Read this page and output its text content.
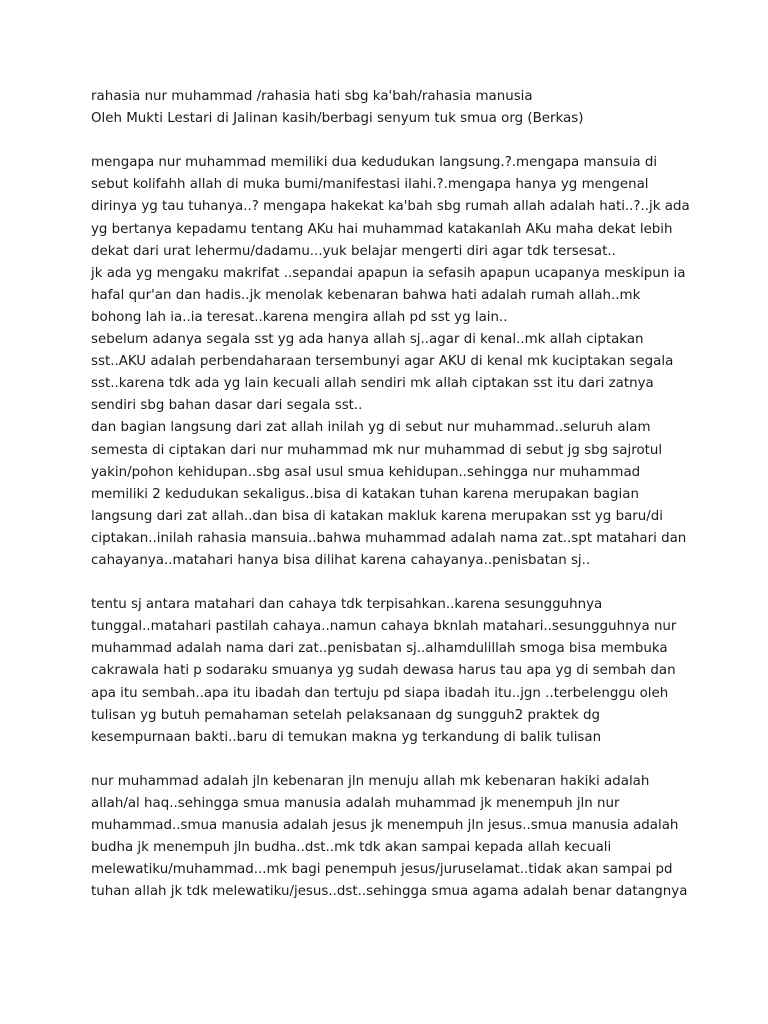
rahasia nur muhammad /rahasia hati sbg ka'bah/rahasia manusia
Oleh Mukti Lestari di Jalinan kasih/berbagi senyum tuk smua org (Berkas)
mengapa nur muhammad memiliki dua kedudukan langsung.?.mengapa mansuia di
sebut kolifahh allah di muka bumi/manifestasi ilahi.?.mengapa hanya yg mengenal
dirinya yg tau tuhanya..? mengapa hakekat ka'bah sbg rumah allah adalah hati..?..jk ada
yg bertanya kepadamu tentang AKu hai muhammad katakanlah AKu maha dekat lebih
dekat dari urat lehermu/dadamu...yuk belajar mengerti diri agar tdk tersesat..
jk ada yg mengaku makrifat ..sepandai apapun ia sefasih apapun ucapanya meskipun ia
hafal qur'an dan hadis..jk menolak kebenaran bahwa hati adalah rumah allah..mk
bohong lah ia..ia teresat..karena mengira allah pd sst yg lain..
sebelum adanya segala sst yg ada hanya allah sj..agar di kenal..mk allah ciptakan
sst..AKU adalah perbendaharaan tersembunyi agar AKU di kenal mk kuciptakan segala
sst..karena tdk ada yg lain kecuali allah sendiri mk allah ciptakan sst itu dari zatnya
sendiri sbg bahan dasar dari segala sst..
dan bagian langsung dari zat allah inilah yg di sebut nur muhammad..seluruh alam
semesta di ciptakan dari nur muhammad mk nur muhammad di sebut jg sbg sajrotul
yakin/pohon kehidupan..sbg asal usul smua kehidupan..sehingga nur muhammad
memiliki 2 kedudukan sekaligus..bisa di katakan tuhan karena merupakan bagian
langsung dari zat allah..dan bisa di katakan makluk karena merupakan sst yg baru/di
ciptakan..inilah rahasia mansuia..bahwa muhammad adalah nama zat..spt matahari dan
cahayanya..matahari hanya bisa dilihat karena cahayanya..penisbatan sj..
tentu sj antara matahari dan cahaya tdk terpisahkan..karena sesungguhnya
tunggal..matahari pastilah cahaya..namun cahaya bknlah matahari..sesungguhnya nur
muhammad adalah nama dari zat..penisbatan sj..alhamdulillah smoga bisa membuka
cakrawala hati p sodaraku smuanya yg sudah dewasa harus tau apa yg di sembah dan
apa itu sembah..apa itu ibadah dan tertuju pd siapa ibadah itu..jgn ..terbelenggu oleh
tulisan yg butuh pemahaman setelah pelaksanaan dg sungguh2 praktek dg
kesempurnaan bakti..baru di temukan makna yg terkandung di balik tulisan
nur muhammad adalah jln kebenaran jln menuju allah mk kebenaran hakiki adalah
allah/al haq..sehingga smua manusia adalah muhammad jk menempuh jln nur
muhammad..smua manusia adalah jesus jk menempuh jln jesus..smua manusia adalah
budha jk menempuh jln budha..dst..mk tdk akan sampai kepada allah kecuali
melewatiku/muhammad...mk bagi penempuh jesus/juruselamat..tidak akan sampai pd
tuhan allah jk tdk melewatiku/jesus..dst..sehingga smua agama adalah benar datangnya
